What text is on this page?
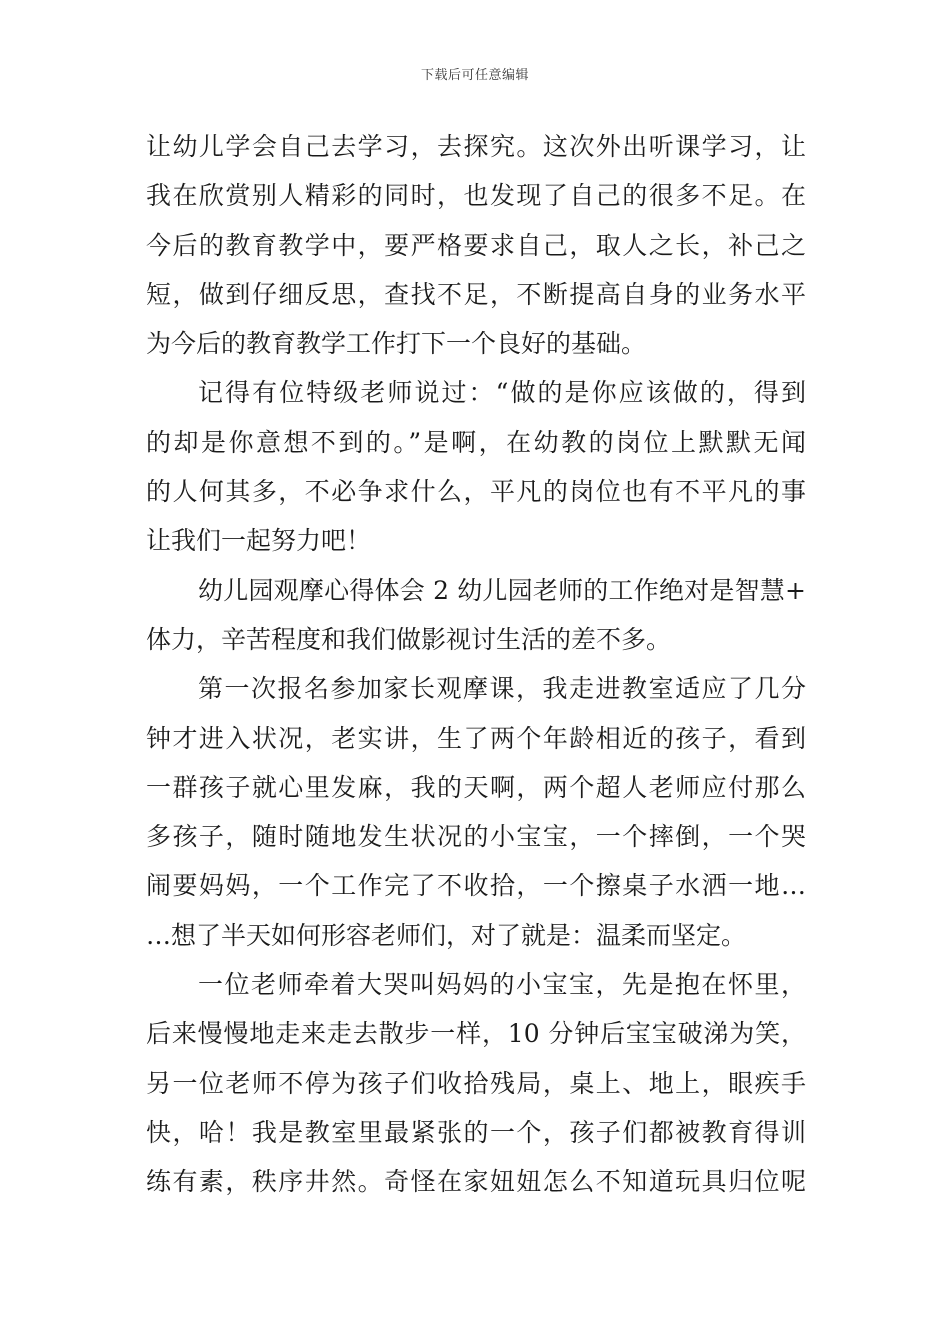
下载后可任意编辑
让幼儿学会自己去学习，去探究。这次外出听课学习，让
我在欣赏别人精彩的同时，也发现了自己的很多不足。在
今后的教育教学中，要严格要求自己，取人之长，补己之
短，做到仔细反思，查找不足，不断提高自身的业务水平
为今后的教育教学工作打下一个良好的基础。
记得有位特级老师说过：“做的是你应该做的，得到
的却是你意想不到的。”是啊，在幼教的岗位上默默无闻
的人何其多，不必争求什么，平凡的岗位也有不平凡的事
让我们一起努力吧！
幼儿园观摩心得体会 2 幼儿园老师的工作绝对是智慧+
体力，辛苦程度和我们做影视讨生活的差不多。
第一次报名参加家长观摩课，我走进教室适应了几分
钟才进入状况，老实讲，生了两个年龄相近的孩子，看到
一群孩子就心里发麻，我的天啊，两个超人老师应付那么
多孩子，随时随地发生状况的小宝宝，一个摔倒，一个哭
闹要妈妈，一个工作完了不收拾，一个擦桌子水洒一地…
…想了半天如何形容老师们，对了就是：温柔而坚定。
一位老师牵着大哭叫妈妈的小宝宝，先是抱在怀里，
后来慢慢地走来走去散步一样，10 分钟后宝宝破涕为笑，
另一位老师不停为孩子们收拾残局，桌上、地上，眼疾手
快，哈！我是教室里最紧张的一个，孩子们都被教育得训
练有素，秩序井然。奇怪在家妞妞怎么不知道玩具归位呢
